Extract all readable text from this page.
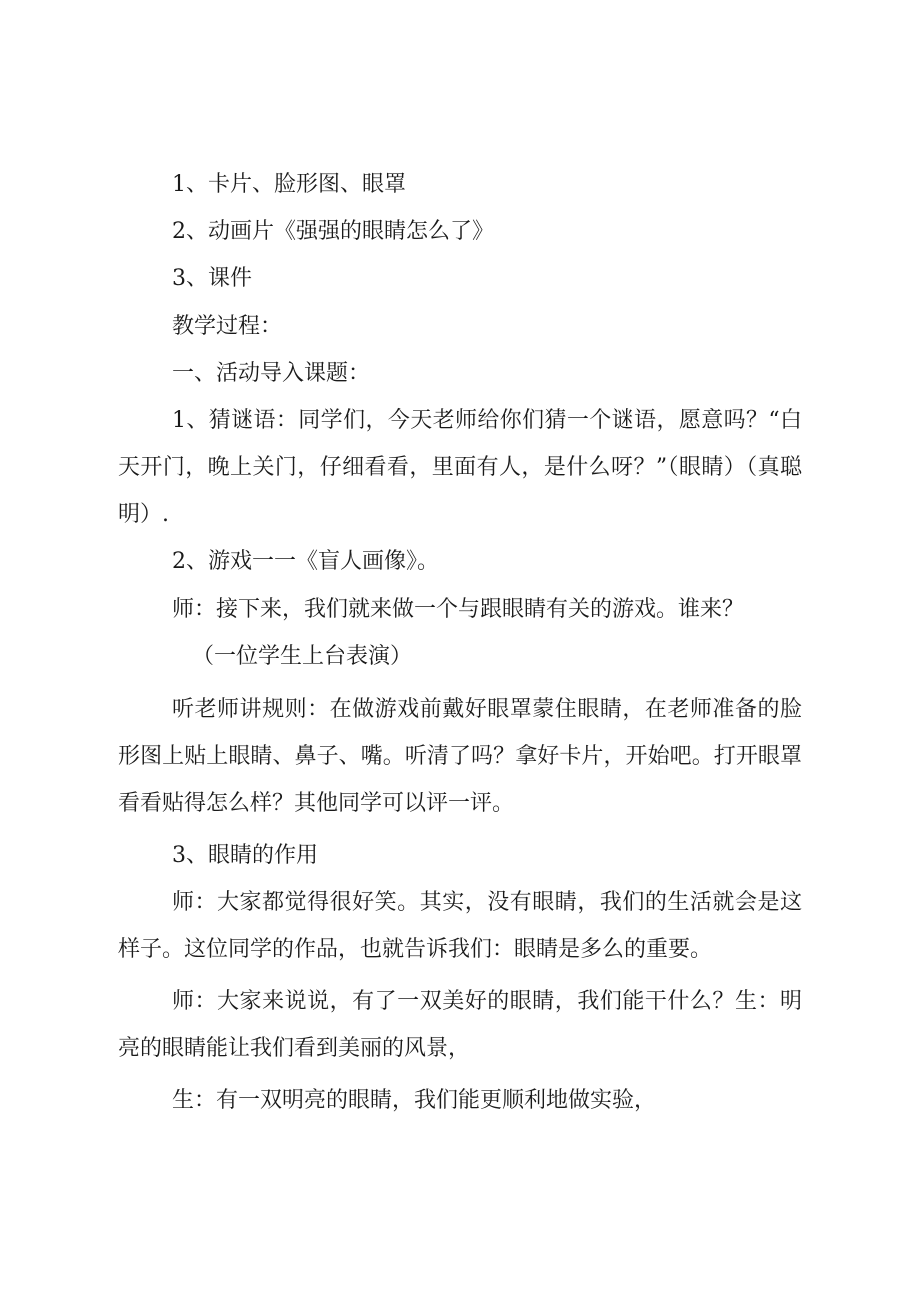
1、卡片、脸形图、眼罩

2、动画片《强强的眼睛怎么了》

3、课件

教学过程：

一、活动导入课题：

1、猜谜语：同学们，今天老师给你们猜一个谜语，愿意吗？“白天开门，晚上关门，仔细看看，里面有人，是什么呀？”（眼睛）（真聪明）.

2、游戏一一《盲人画像》。

师：接下来，我们就来做一个与跟眼睛有关的游戏。谁来？

（一位学生上台表演）

听老师讲规则：在做游戏前戴好眼罩蒙住眼睛，在老师准备的脸形图上贴上眼睛、鼻子、嘴。听清了吗？拿好卡片，开始吧。打开眼罩看看贴得怎么样？其他同学可以评一评。

3、眼睛的作用

师：大家都觉得很好笑。其实，没有眼睛，我们的生活就会是这样子。这位同学的作品，也就告诉我们：眼睛是多么的重要。

师：大家来说说，有了一双美好的眼睛，我们能干什么？生：明亮的眼睛能让我们看到美丽的风景，

生：有一双明亮的眼睛，我们能更顺利地做实验，
